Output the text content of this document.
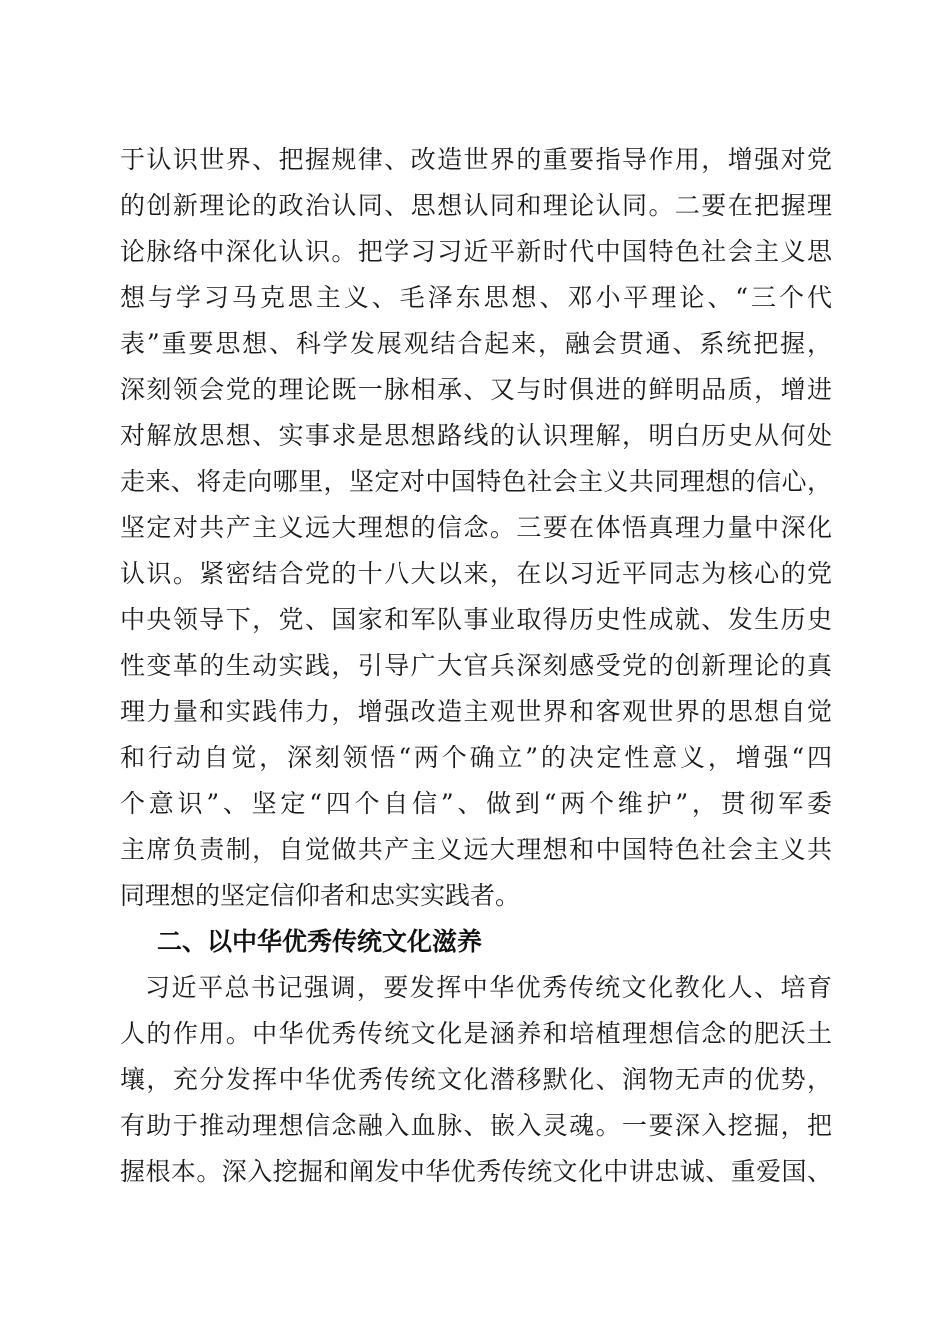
于认识世界、把握规律、改造世界的重要指导作用，增强对党
的创新理论的政治认同、思想认同和理论认同。二要在把握理
论脉络中深化认识。把学习习近平新时代中国特色社会主义思
想与学习马克思主义、毛泽东思想、邓小平理论、“三个代
表”重要思想、科学发展观结合起来，融会贯通、系统把握，
深刻领会党的理论既一脉相承、又与时俱进的鲜明品质，增进
对解放思想、实事求是思想路线的认识理解，明白历史从何处
走来、将走向哪里，坚定对中国特色社会主义共同理想的信心，
坚定对共产主义远大理想的信念。三要在体悟真理力量中深化
认识。紧密结合党的十八大以来，在以习近平同志为核心的党
中央领导下，党、国家和军队事业取得历史性成就、发生历史
性变革的生动实践，引导广大官兵深刻感受党的创新理论的真
理力量和实践伟力，增强改造主观世界和客观世界的思想自觉
和行动自觉，深刻领悟“两个确立”的决定性意义，增强“四
个意识”、坚定“四个自信”、做到“两个维护”，贯彻军委
主席负责制，自觉做共产主义远大理想和中国特色社会主义共
同理想的坚定信仰者和忠实实践者。
二、以中华优秀传统文化滋养
习近平总书记强调，要发挥中华优秀传统文化教化人、培育
人的作用。中华优秀传统文化是涵养和培植理想信念的肥沃土
壤，充分发挥中华优秀传统文化潜移默化、润物无声的优势，
有助于推动理想信念融入血脉、嵌入灵魂。一要深入挖掘，把
握根本。深入挖掘和阐发中华优秀传统文化中讲忠诚、重爱国、
